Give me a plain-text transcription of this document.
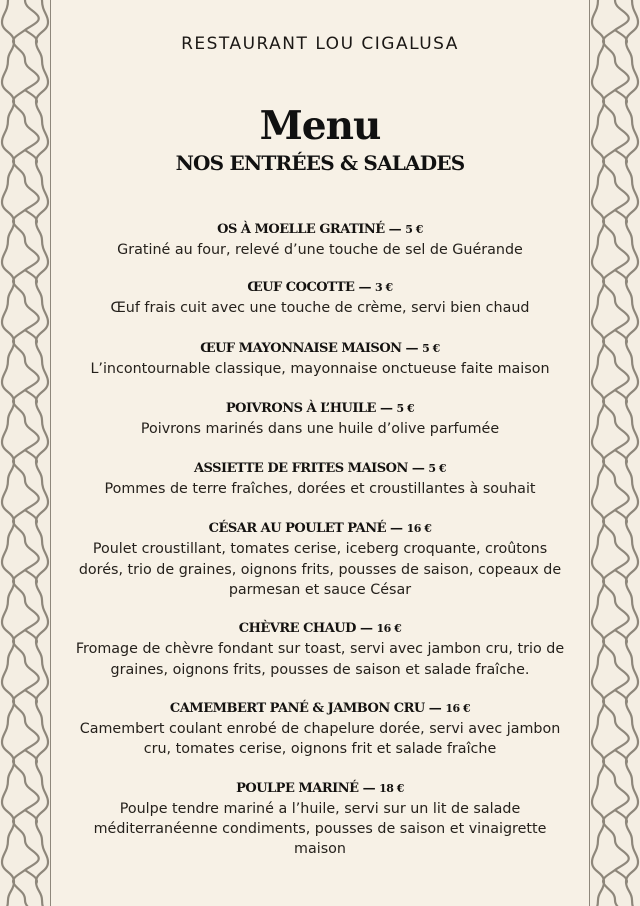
RESTAURANT LOU CIGALUSA
Menu
NOS ENTRÉES & SALADES
OS À MOELLE GRATINÉ — 5 €
Gratiné au four, relevé d’une touche de sel de Guérande
ŒUF COCOTTE — 3 €
Œuf frais cuit avec une touche de crème, servi bien chaud
ŒUF MAYONNAISE MAISON — 5 €
L’incontournable classique, mayonnaise onctueuse faite maison
POIVRONS À L’HUILE — 5 €
Poivrons marinés dans une huile d’olive parfumée
ASSIETTE DE FRITES MAISON — 5 €
Pommes de terre fraîches, dorées et croustillantes à souhait
CÉSAR AU POULET PANÉ — 16 €
Poulet croustillant, tomates cerise, iceberg croquante, croûtons
dorés, trio de graines, oignons frits, pousses de saison, copeaux de
parmesan et sauce César
CHÈVRE CHAUD — 16 €
Fromage de chèvre fondant sur toast, servi avec jambon cru, trio de
graines, oignons frits, pousses de saison et salade fraîche.
CAMEMBERT PANÉ & JAMBON CRU — 16 €
Camembert coulant enrobé de chapelure dorée, servi avec jambon
cru, tomates cerise, oignons frit et salade fraîche
POULPE MARINÉ — 18 €
Poulpe tendre mariné a l’huile, servi sur un lit de salade
méditerranéenne condiments, pousses de saison et vinaigrette
maison
